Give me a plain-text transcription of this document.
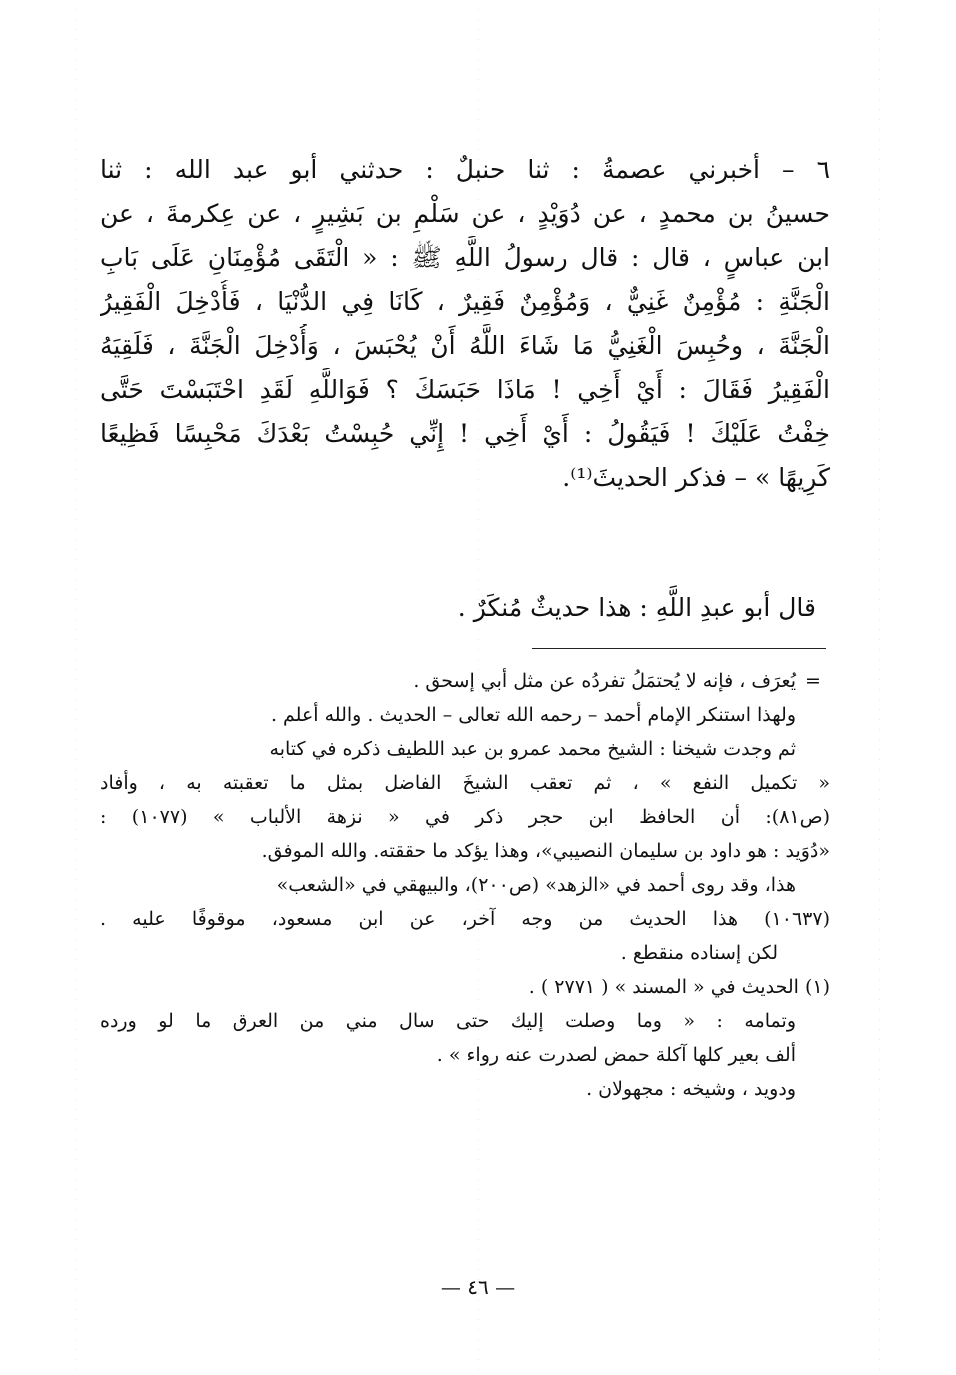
٦ – أخبرني عصمةُ : ثنا حنبلٌ : حدثني أبو عبد الله : ثنا
حسينُ بن محمدٍ ، عن دُوَيْدٍ ، عن سَلْمِ بن بَشِيرٍ ، عن عِكرمةَ ، عن
ابن عباسٍ ، قال : قال رسولُ اللَّهِ ﷺ : « الْتَقَى مُؤْمِنَانِ عَلَى بَابِ
الْجَنَّةِ : مُؤْمِنٌ غَنِيٌّ ، وَمُؤْمِنٌ فَقِيرٌ ، كَانَا فِي الدُّنْيَا ، فَأُدْخِلَ الْفَقِيرُ
الْجَنَّةَ ، وحُبِسَ الْغَنِيُّ مَا شَاءَ اللَّهُ أَنْ يُحْبَسَ ، وَأُدْخِلَ الْجَنَّةَ ، فَلَقِيَهُ
الْفَقِيرُ فَقَالَ : أَيْ أَخِي ! مَاذَا حَبَسَكَ ؟ فَوَاللَّهِ لَقَدِ احْتَبَسْتَ حَتَّى
خِفْتُ عَلَيْكَ ! فَيَقُولُ : أَيْ أَخِي ! إِنِّي حُبِسْتُ بَعْدَكَ مَحْبِسًا فَظِيعًا
كَرِيهًا » – فذكر الحديثَ⁽¹⁾.
قال أبو عبدِ اللَّهِ : هذا حديثٌ مُنكَرٌ .
=يُعرَف ، فإنه لا يُحتمَلُ تفردُه عن مثل أبي إسحق .
ولهذا استنكر الإمام أحمد – رحمه الله تعالى – الحديث . والله أعلم .
ثم وجدت شيخنا : الشيخ محمد عمرو بن عبد اللطيف ذكره في كتابه
« تكميل النفع » ، ثم تعقب الشيخَ الفاضل بمثل ما تعقبته به ، وأفاد
(ص٨١): أن الحافظ ابن حجر ذكر في « نزهة الألباب » (١٠٧٧) :
«دُوَيد : هو داود بن سليمان النصيبي»، وهذا يؤكد ما حققته. والله الموفق.
هذا، وقد روى أحمد في «الزهد» (ص٢٠٠)، والبيهقي في «الشعب»
(١٠٦٣٧) هذا الحديث من وجه آخر، عن ابن مسعود، موقوفًا عليه .
لكن إسناده منقطع .
(١) الحديث في « المسند » ( ٢٧٧١ ) .
وتمامه : « وما وصلت إليك حتى سال مني من العرق ما لو ورده
ألف بعير كلها آكلة حمض لصدرت عنه رواء » .
ودويد ، وشيخه : مجهولان .
— ٤٦ —
